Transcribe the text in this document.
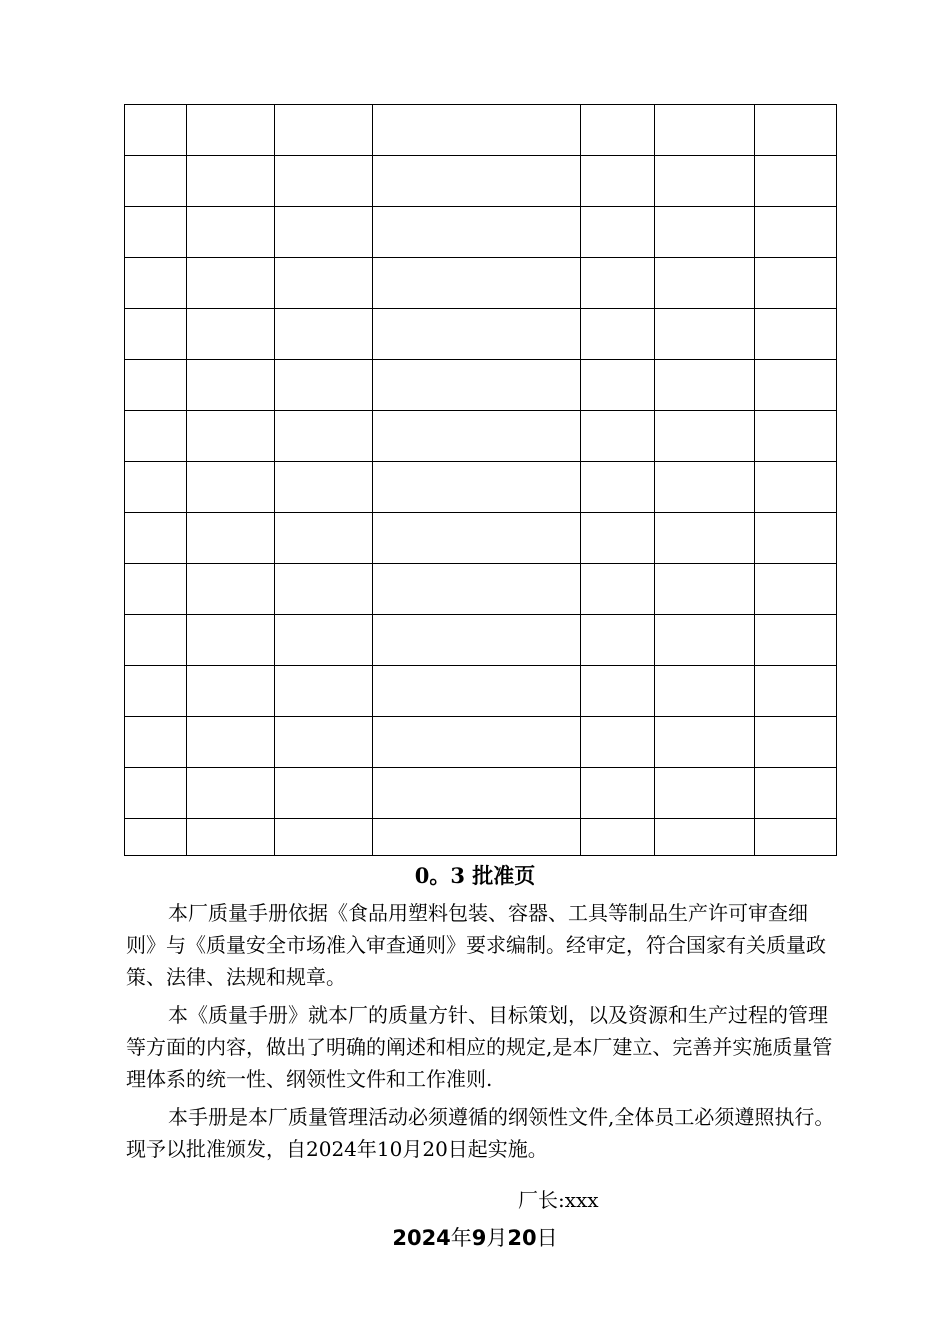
0。3 批准页

本厂质量手册依据《食品用塑料包装、容器、工具等制品生产许可审查细则》与《质量安全市场准入审查通则》要求编制。经审定，符合国家有关质量政策、法律、法规和规章。

本《质量手册》就本厂的质量方针、目标策划，以及资源和生产过程的管理等方面的内容，做出了明确的阐述和相应的规定,是本厂建立、完善并实施质量管理体系的统一性、纲领性文件和工作准则.

本手册是本厂质量管理活动必须遵循的纲领性文件,全体员工必须遵照执行。现予以批准颁发，自2024年10月20日起实施。

厂长:xxx
2024年9月20日
